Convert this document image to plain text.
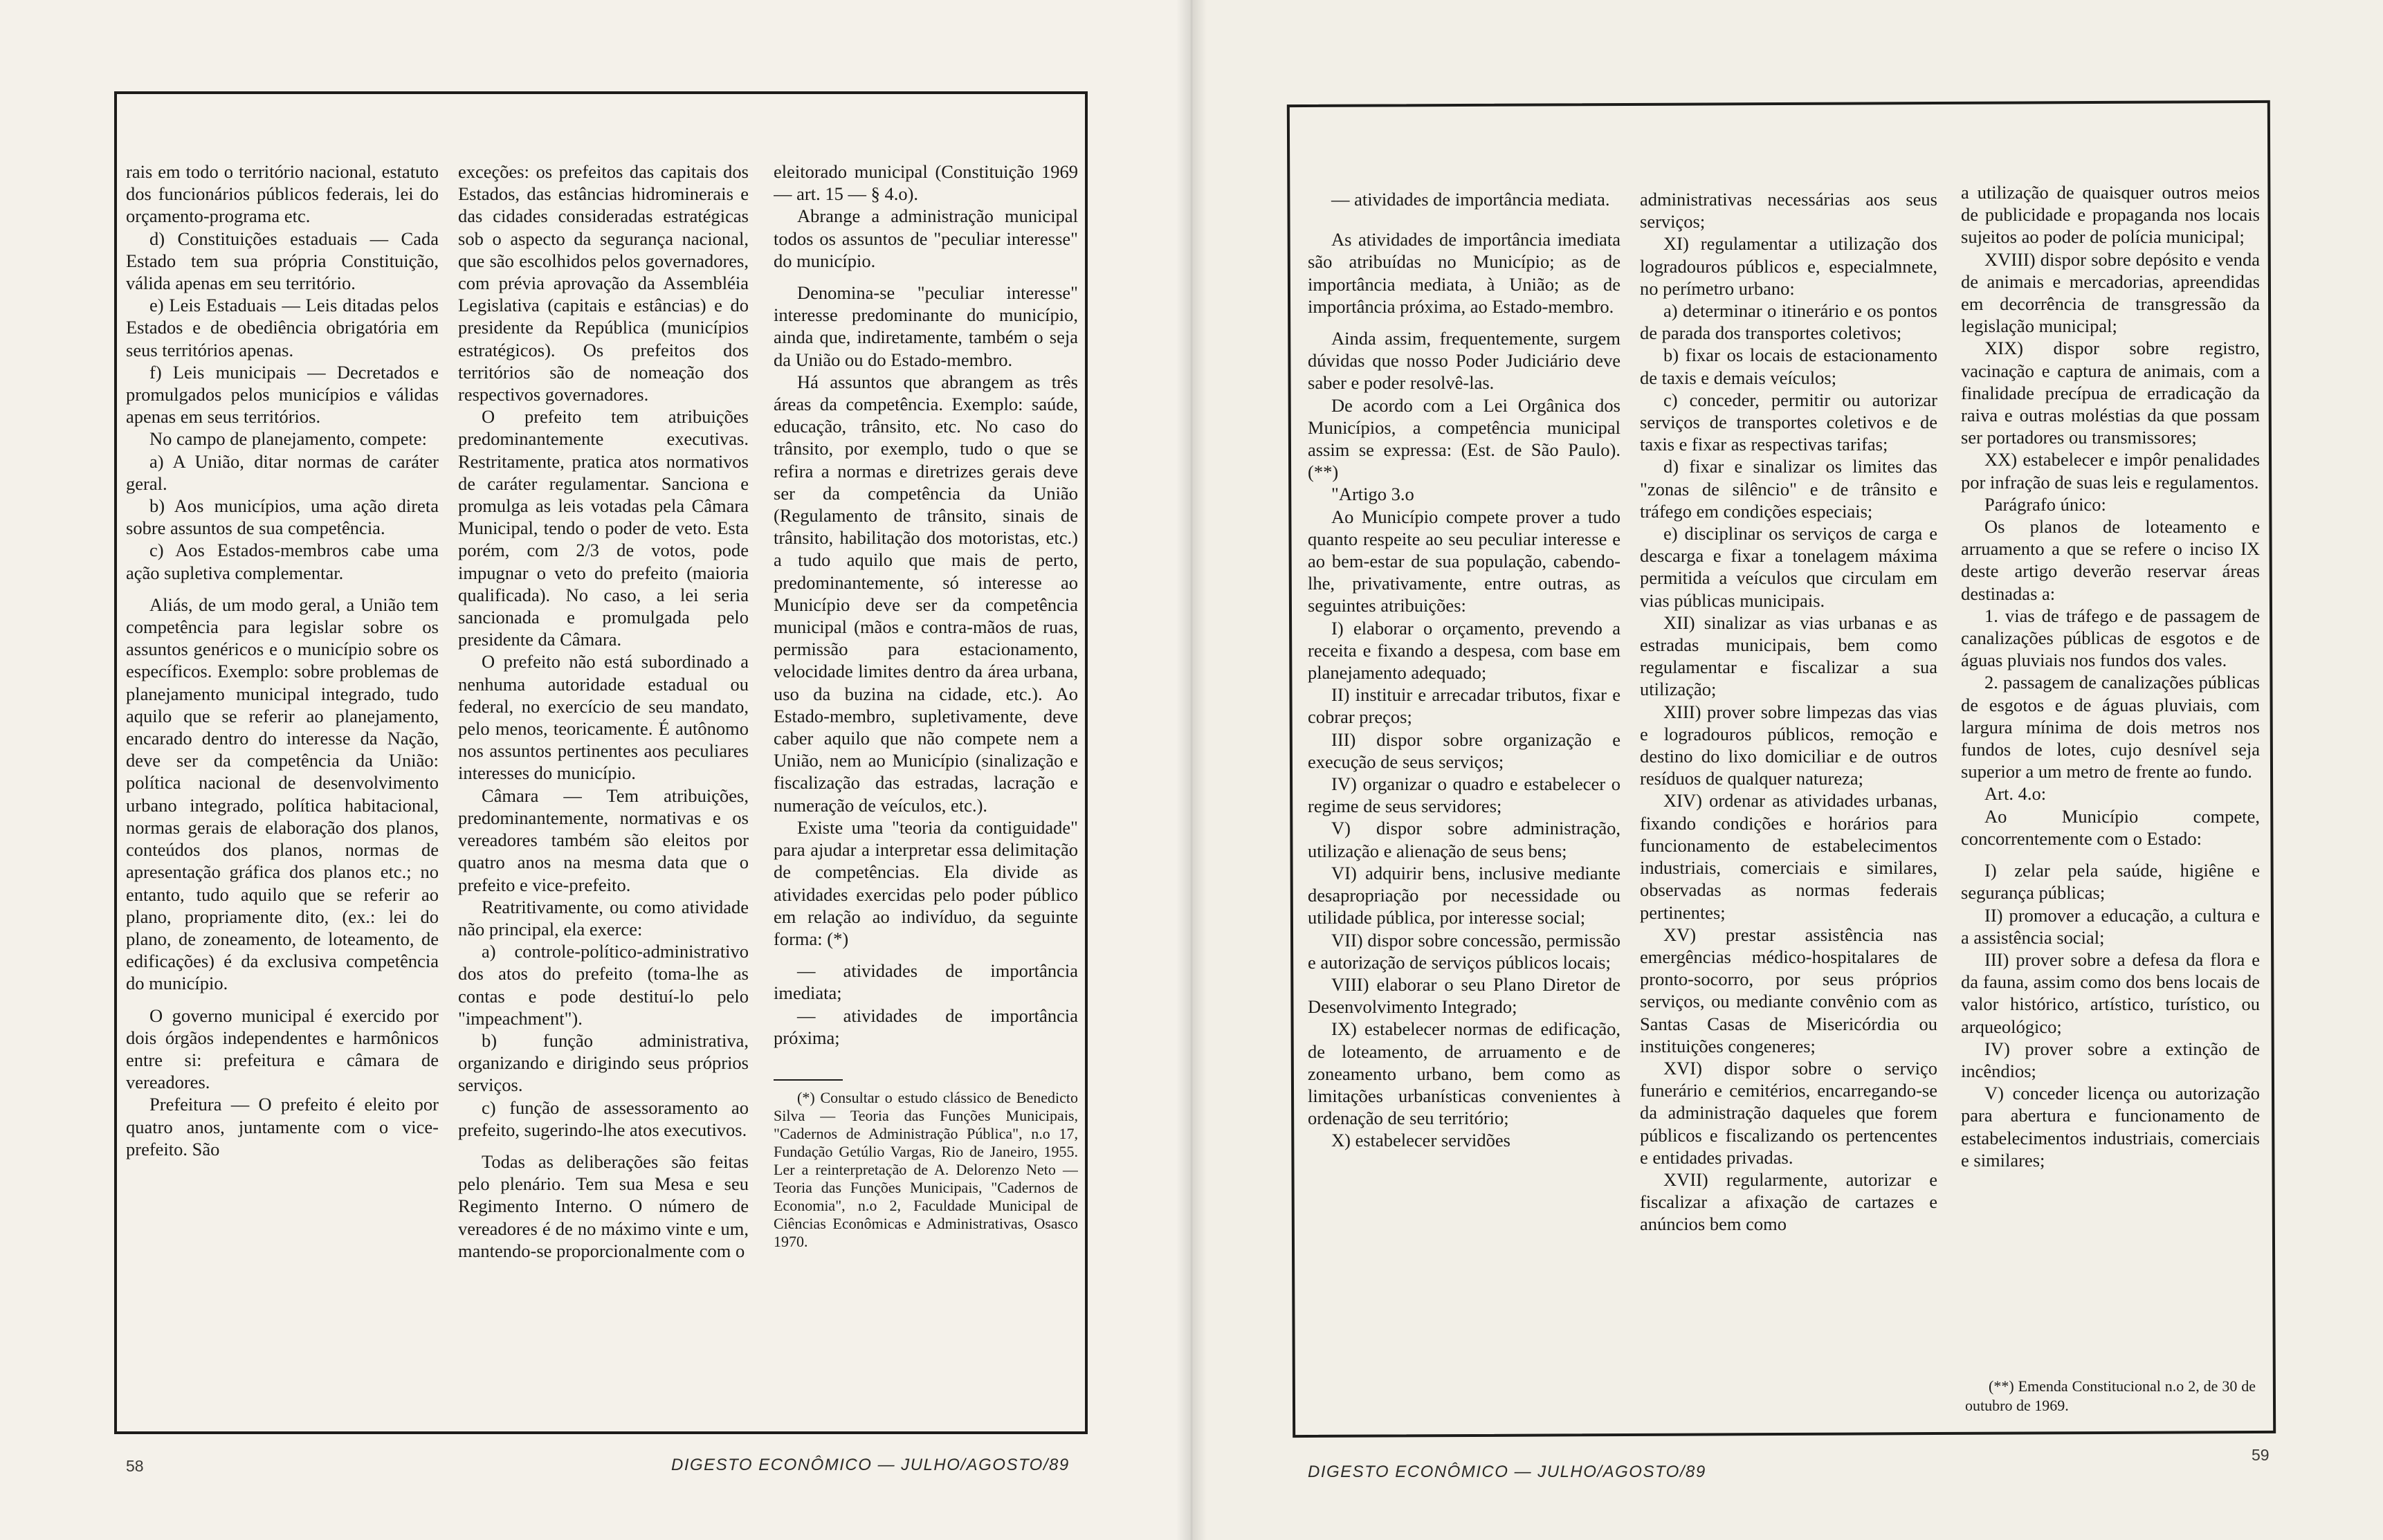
rais em todo o território nacional, estatuto dos funcionários públicos federais, lei do orçamento-programa etc.

d) Constituições estaduais — Cada Estado tem sua própria Constituição, válida apenas em seu território.

e) Leis Estaduais — Leis ditadas pelos Estados e de obediência obrigatória em seus territórios apenas.

f) Leis municipais — Decretados e promulgados pelos municípios e válidas apenas em seus territórios.

No campo de planejamento, compete:

a) A União, ditar normas de caráter geral.

b) Aos municípios, uma ação direta sobre assuntos de sua competência.

c) Aos Estados-membros cabe uma ação supletiva complementar.

Aliás, de um modo geral, a União tem competência para legislar sobre os assuntos genéricos e o município sobre os específicos. Exemplo: sobre problemas de planejamento municipal integrado, tudo aquilo que se referir ao planejamento, encarado dentro do interesse da Nação, deve ser da competência da União: política nacional de desenvolvimento urbano integrado, política habitacional, normas gerais de elaboração dos planos, conteúdos dos planos, normas de apresentação gráfica dos planos etc.; no entanto, tudo aquilo que se referir ao plano, propriamente dito, (ex.: lei do plano, de zoneamento, de loteamento, de edificações) é da exclusiva competência do município.

O governo municipal é exercido por dois órgãos independentes e harmônicos entre si: prefeitura e câmara de vereadores.

Prefeitura — O prefeito é eleito por quatro anos, juntamente com o vice-prefeito. São

exceções: os prefeitos das capitais dos Estados, das estâncias hidrominerais e das cidades consideradas estratégicas sob o aspecto da segurança nacional, que são escolhidos pelos governadores, com prévia aprovação da Assembléia Legislativa (capitais e estâncias) e do presidente da República (municípios estratégicos). Os prefeitos dos territórios são de nomeação dos respectivos governadores.

O prefeito tem atribuições predominantemente executivas. Restritamente, pratica atos normativos de caráter regulamentar. Sanciona e promulga as leis votadas pela Câmara Municipal, tendo o poder de veto. Esta porém, com 2/3 de votos, pode impugnar o veto do prefeito (maioria qualificada). No caso, a lei seria sancionada e promulgada pelo presidente da Câmara.

O prefeito não está subordinado a nenhuma autoridade estadual ou federal, no exercício de seu mandato, pelo menos, teoricamente. É autônomo nos assuntos pertinentes aos peculiares interesses do município.

Câmara — Tem atribuições, predominantemente, normativas e os vereadores também são eleitos por quatro anos na mesma data que o prefeito e vice-prefeito.

Reatritivamente, ou como atividade não principal, ela exerce:

a) controle-político-administrativo dos atos do prefeito (toma-lhe as contas e pode destituí-lo pelo "impeachment").

b) função administrativa, organizando e dirigindo seus próprios serviços.

c) função de assessoramento ao prefeito, sugerindo-lhe atos executivos.

Todas as deliberações são feitas pelo plenário. Tem sua Mesa e seu Regimento Interno. O número de vereadores é de no máximo vinte e um, mantendo-se proporcionalmente com o

eleitorado municipal (Constituição 1969 — art. 15 — § 4.o).

Abrange a administração municipal todos os assuntos de "peculiar interesse" do município.

Denomina-se "peculiar interesse" interesse predominante do município, ainda que, indiretamente, também o seja da União ou do Estado-membro.

Há assuntos que abrangem as três áreas da competência. Exemplo: saúde, educação, trânsito, etc. No caso do trânsito, por exemplo, tudo o que se refira a normas e diretrizes gerais deve ser da competência da União (Regulamento de trânsito, sinais de trânsito, habilitação dos motoristas, etc.) a tudo aquilo que mais de perto, predominantemente, só interesse ao Município deve ser da competência municipal (mãos e contra-mãos de ruas, permissão para estacionamento, velocidade limites dentro da área urbana, uso da buzina na cidade, etc.). Ao Estado-membro, supletivamente, deve caber aquilo que não compete nem a União, nem ao Município (sinalização e fiscalização das estradas, lacração e numeração de veículos, etc.).

Existe uma "teoria da contiguidade" para ajudar a interpretar essa delimitação de competências. Ela divide as atividades exercidas pelo poder público em relação ao indivíduo, da seguinte forma: (*)

— atividades de importância imediata;

— atividades de importância próxima;

(*) Consultar o estudo clássico de Benedicto Silva — Teoria das Funções Municipais, "Cadernos de Administração Pública", n.o 17, Fundação Getúlio Vargas, Rio de Janeiro, 1955. Ler a reinterpretação de A. Delorenzo Neto — Teoria das Funções Municipais, "Cadernos de Economia", n.o 2, Faculdade Municipal de Ciências Econômicas e Administrativas, Osasco 1970.

58	DIGESTO ECONÔMICO — JULHO/AGOSTO/89

— atividades de importância mediata.

As atividades de importância imediata são atribuídas no Município; as de importância mediata, à União; as de importância próxima, ao Estado-membro.

Ainda assim, frequentemente, surgem dúvidas que nosso Poder Judiciário deve saber e poder resolvê-las.

De acordo com a Lei Orgânica dos Municípios, a competência municipal assim se expressa: (Est. de São Paulo). (**)

"Artigo 3.o

Ao Município compete prover a tudo quanto respeite ao seu peculiar interesse e ao bem-estar de sua população, cabendo-lhe, privativamente, entre outras, as seguintes atribuições:

I) elaborar o orçamento, prevendo a receita e fixando a despesa, com base em planejamento adequado;

II) instituir e arrecadar tributos, fixar e cobrar preços;

III) dispor sobre organização e execução de seus serviços;

IV) organizar o quadro e estabelecer o regime de seus servidores;

V) dispor sobre administração, utilização e alienação de seus bens;

VI) adquirir bens, inclusive mediante desapropriação por necessidade ou utilidade pública, por interesse social;

VII) dispor sobre concessão, permissão e autorização de serviços públicos locais;

VIII) elaborar o seu Plano Diretor de Desenvolvimento Integrado;

IX) estabelecer normas de edificação, de loteamento, de arruamento e de zoneamento urbano, bem como as limitações urbanísticas convenientes à ordenação de seu território;

X) estabelecer servidões

administrativas necessárias aos seus serviços;

XI) regulamentar a utilização dos logradouros públicos e, especialmnete, no perímetro urbano:

a) determinar o itinerário e os pontos de parada dos transportes coletivos;

b) fixar os locais de estacionamento de taxis e demais veículos;

c) conceder, permitir ou autorizar serviços de transportes coletivos e de taxis e fixar as respectivas tarifas;

d) fixar e sinalizar os limites das "zonas de silêncio" e de trânsito e tráfego em condições especiais;

e) disciplinar os serviços de carga e descarga e fixar a tonelagem máxima permitida a veículos que circulam em vias públicas municipais.

XII) sinalizar as vias urbanas e as estradas municipais, bem como regulamentar e fiscalizar a sua utilização;

XIII) prover sobre limpezas das vias e logradouros públicos, remoção e destino do lixo domiciliar e de outros resíduos de qualquer natureza;

XIV) ordenar as atividades urbanas, fixando condições e horários para funcionamento de estabelecimentos industriais, comerciais e similares, observadas as normas federais pertinentes;

XV) prestar assistência nas emergências médico-hospitalares de pronto-socorro, por seus próprios serviços, ou mediante convênio com as Santas Casas de Misericórdia ou instituições congeneres;

XVI) dispor sobre o serviço funerário e cemitérios, encarregando-se da administração daqueles que forem públicos e fiscalizando os pertencentes e entidades privadas.

XVII) regularmente, autorizar e fiscalizar a afixação de cartazes e anúncios bem como

a utilização de quaisquer outros meios de publicidade e propaganda nos locais sujeitos ao poder de polícia municipal;

XVIII) dispor sobre depósito e venda de animais e mercadorias, apreendidas em decorrência de transgressão da legislação municipal;

XIX) dispor sobre registro, vacinação e captura de animais, com a finalidade precípua de erradicação da raiva e outras moléstias da que possam ser portadores ou transmissores;

XX) estabelecer e impôr penalidades por infração de suas leis e regulamentos.

Parágrafo único:

Os planos de loteamento e arruamento a que se refere o inciso IX deste artigo deverão reservar áreas destinadas a:

1. vias de tráfego e de passagem de canalizações públicas de esgotos e de águas pluviais nos fundos dos vales.

2. passagem de canalizações públicas de esgotos e de águas pluviais, com largura mínima de dois metros nos fundos de lotes, cujo desnível seja superior a um metro de frente ao fundo.

Art. 4.o:

Ao Município compete, concorrentemente com o Estado:

I) zelar pela saúde, higiêne e segurança públicas;

II) promover a educação, a cultura e a assistência social;

III) prover sobre a defesa da flora e da fauna, assim como dos bens locais de valor histórico, artístico, turístico, ou arqueológico;

IV) prover sobre a extinção de incêndios;

V) conceder licença ou autorização para abertura e funcionamento de estabelecimentos industriais, comerciais e similares;

(**) Emenda Constitucional n.o 2, de 30 de outubro de 1969.

DIGESTO ECONÔMICO — JULHO/AGOSTO/89
59
